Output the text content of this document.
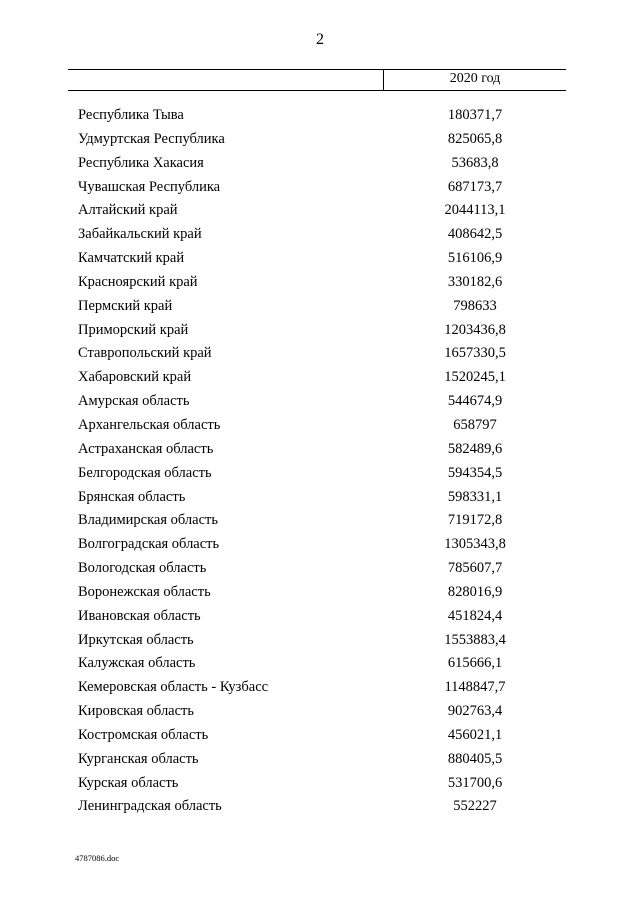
2
2020 год
Республика Тыва	180371,7
Удмуртская Республика	825065,8
Республика Хакасия	53683,8
Чувашская Республика	687173,7
Алтайский край	2044113,1
Забайкальский край	408642,5
Камчатский край	516106,9
Красноярский край	330182,6
Пермский край	798633
Приморский край	1203436,8
Ставропольский край	1657330,5
Хабаровский край	1520245,1
Амурская область	544674,9
Архангельская область	658797
Астраханская область	582489,6
Белгородская область	594354,5
Брянская область	598331,1
Владимирская область	719172,8
Волгоградская область	1305343,8
Вологодская область	785607,7
Воронежская область	828016,9
Ивановская область	451824,4
Иркутская область	1553883,4
Калужская область	615666,1
Кемеровская область - Кузбасс	1148847,7
Кировская область	902763,4
Костромская область	456021,1
Курганская область	880405,5
Курская область	531700,6
Ленинградская область	552227
4787086.doc
